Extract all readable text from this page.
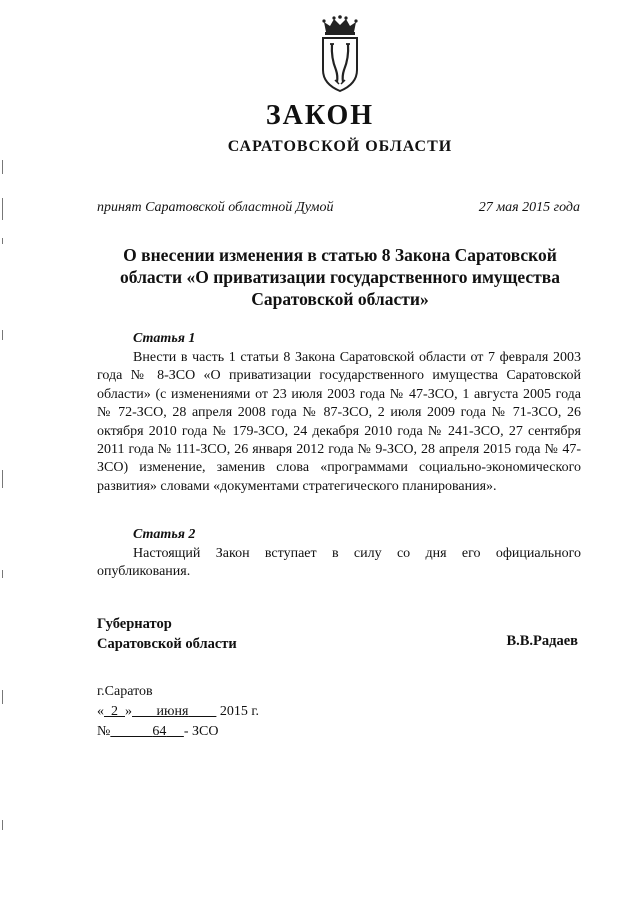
ЗАКОН
САРАТОВСКОЙ ОБЛАСТИ
принят Саратовской областной Думой	27 мая 2015 года
О внесении изменения в статью 8 Закона Саратовской области «О приватизации государственного имущества Саратовской области»
Статья 1
Внести в часть 1 статьи 8 Закона Саратовской области от 7 февраля 2003 года № 8-ЗСО «О приватизации государственного имущества Саратовской области» (с изменениями от 23 июля 2003 года № 47-ЗСО, 1 августа 2005 года № 72-ЗСО, 28 апреля 2008 года № 87-ЗСО, 2 июля 2009 года № 71-ЗСО, 26 октября 2010 года № 179-ЗСО, 24 декабря 2010 года № 241-ЗСО, 27 сентября 2011 года № 111-ЗСО, 26 января 2012 года № 9-ЗСО, 28 апреля 2015 года № 47-ЗСО) изменение, заменив слова «программами социально-экономического развития» словами «документами стратегического планирования».
Статья 2
Настоящий Закон вступает в силу со дня его официального опубликования.
Губернатор
Саратовской области	В.В.Радаев
г.Саратов
« 2 » июня 2015 г.
№	64 - ЗСО
